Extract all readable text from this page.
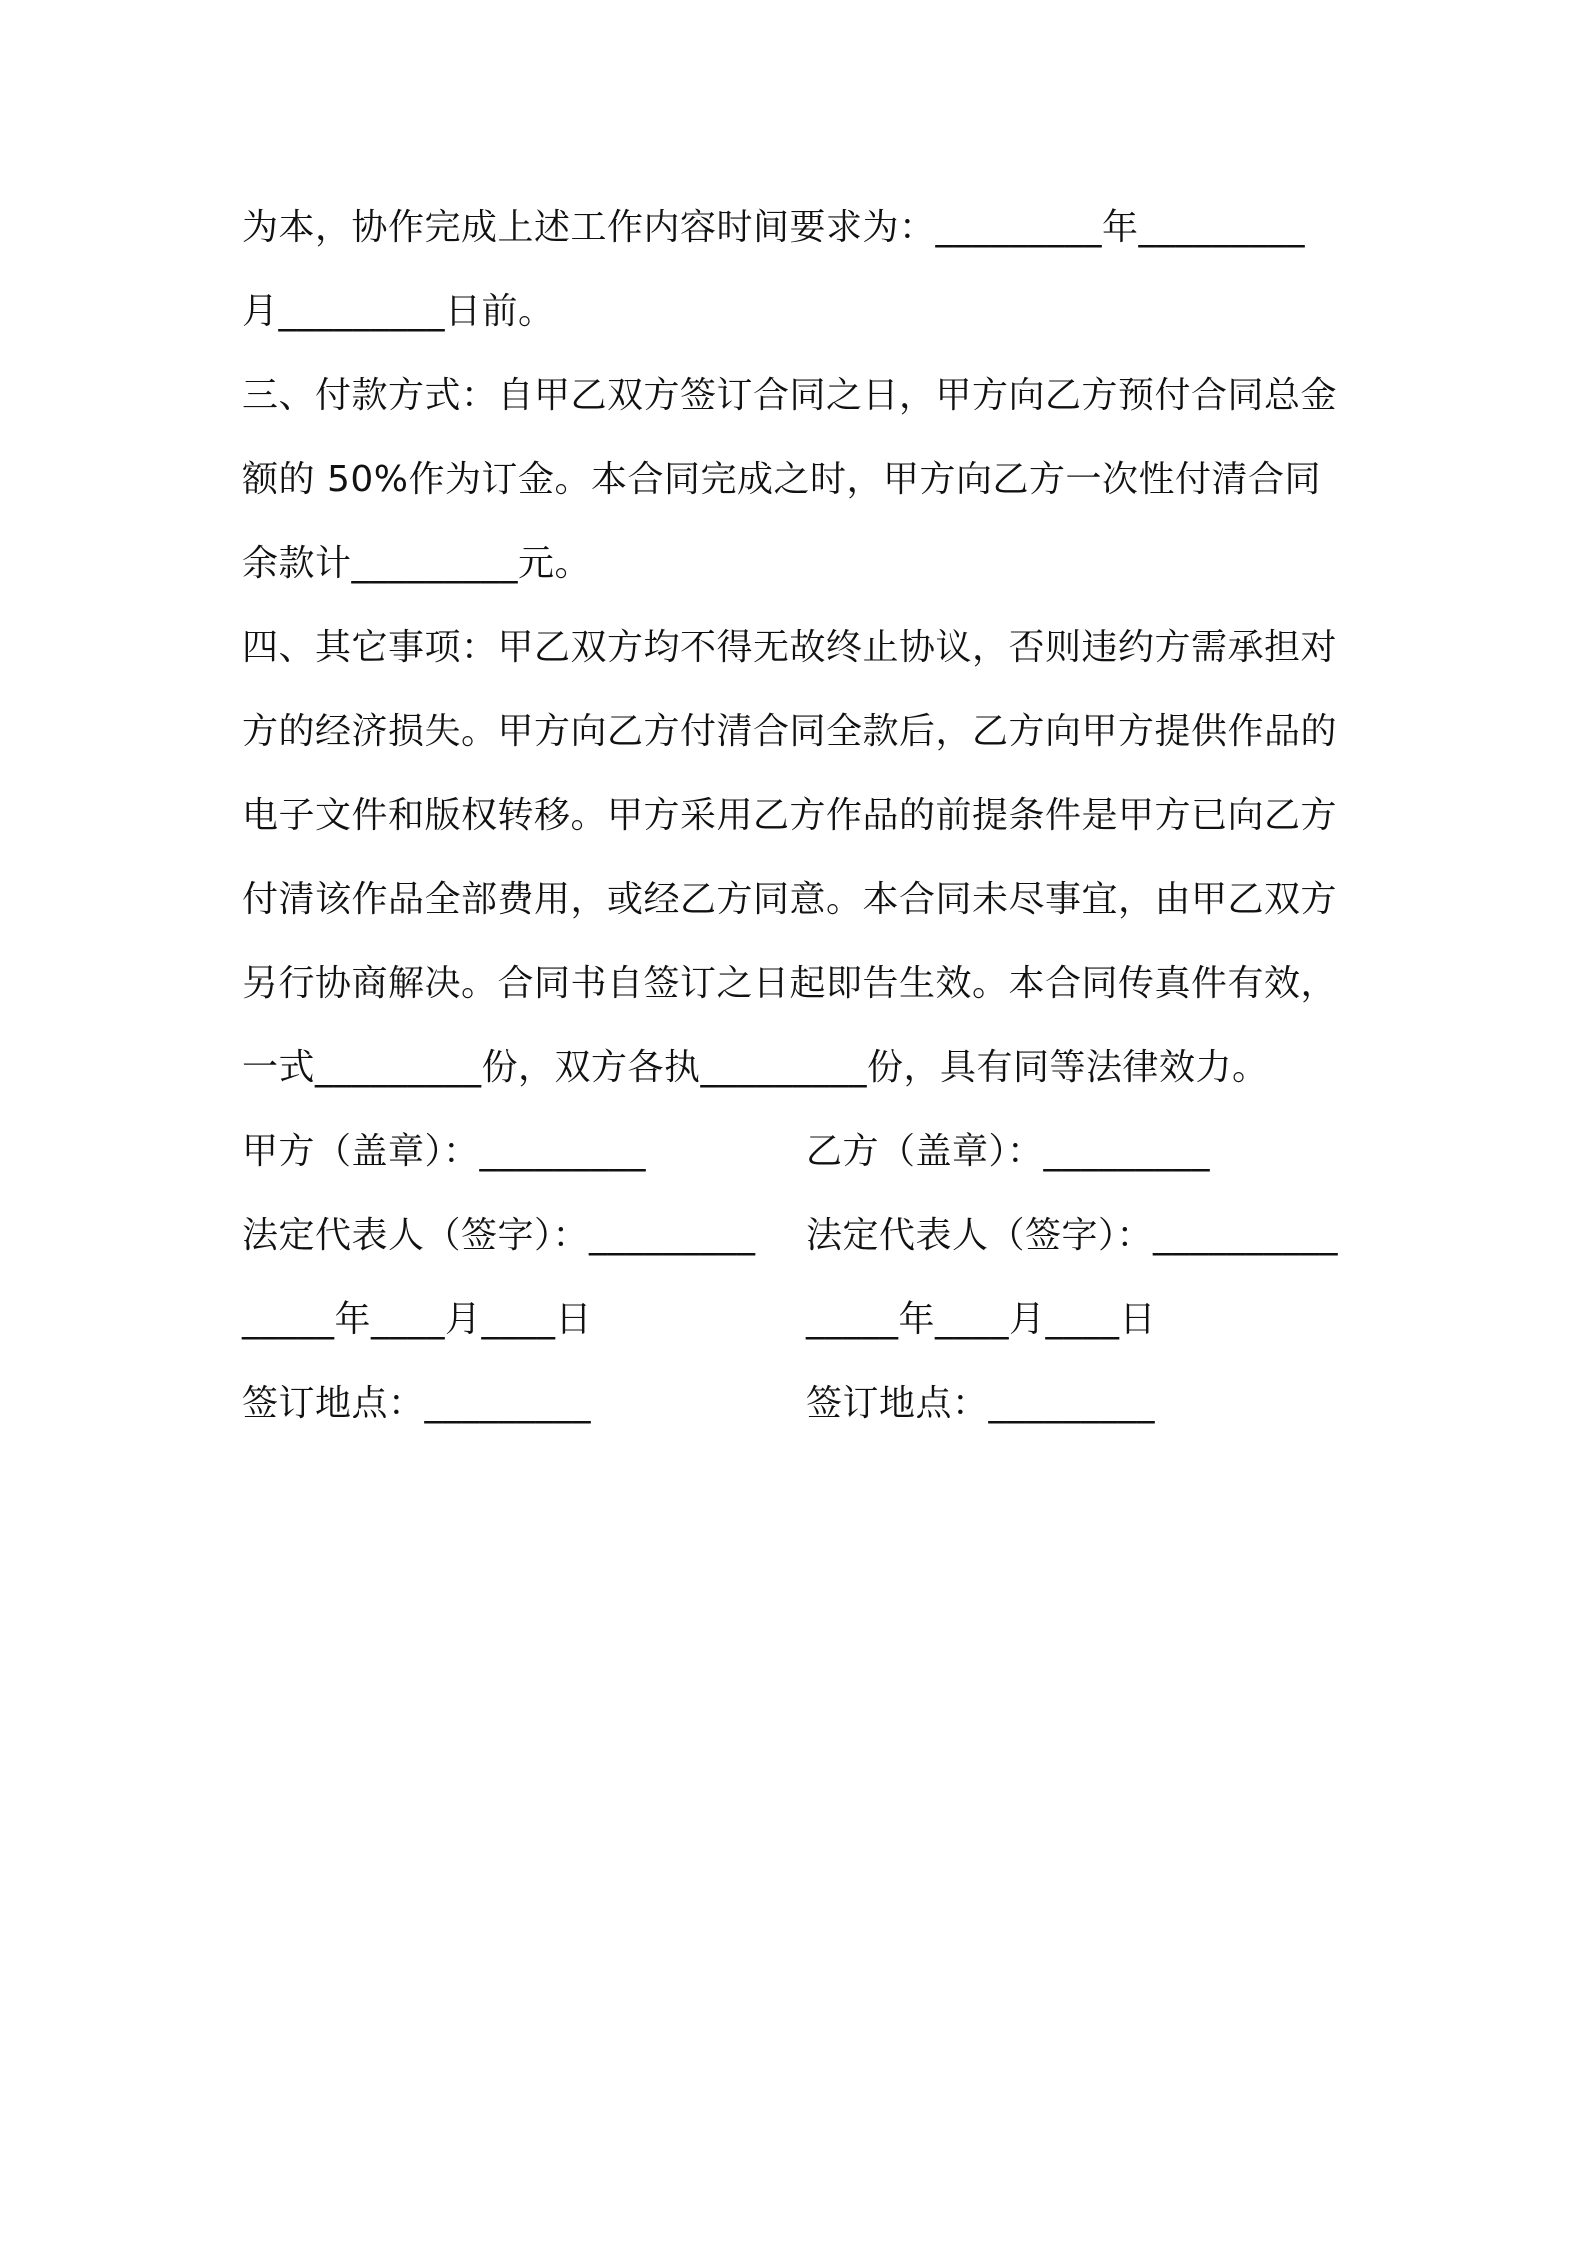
为本，协作完成上述工作内容时间要求为：_________年_________
月_________日前。
三、付款方式：自甲乙双方签订合同之日，甲方向乙方预付合同总金
额的 50%作为订金。本合同完成之时，甲方向乙方一次性付清合同
余款计_________元。
四、其它事项：甲乙双方均不得无故终止协议，否则违约方需承担对
方的经济损失。甲方向乙方付清合同全款后，乙方向甲方提供作品的
电子文件和版权转移。甲方采用乙方作品的前提条件是甲方已向乙方
付清该作品全部费用，或经乙方同意。本合同未尽事宜，由甲乙双方
另行协商解决。合同书自签订之日起即告生效。本合同传真件有效，
一式_________份，双方各执_________份，具有同等法律效力。
甲方（盖章）：_________	乙方（盖章）：_________
法定代表人（签字）：_________ 法定代表人（签字）：__________
_____年____月____日	_____年____月____日
签订地点：_________	签订地点：_________
